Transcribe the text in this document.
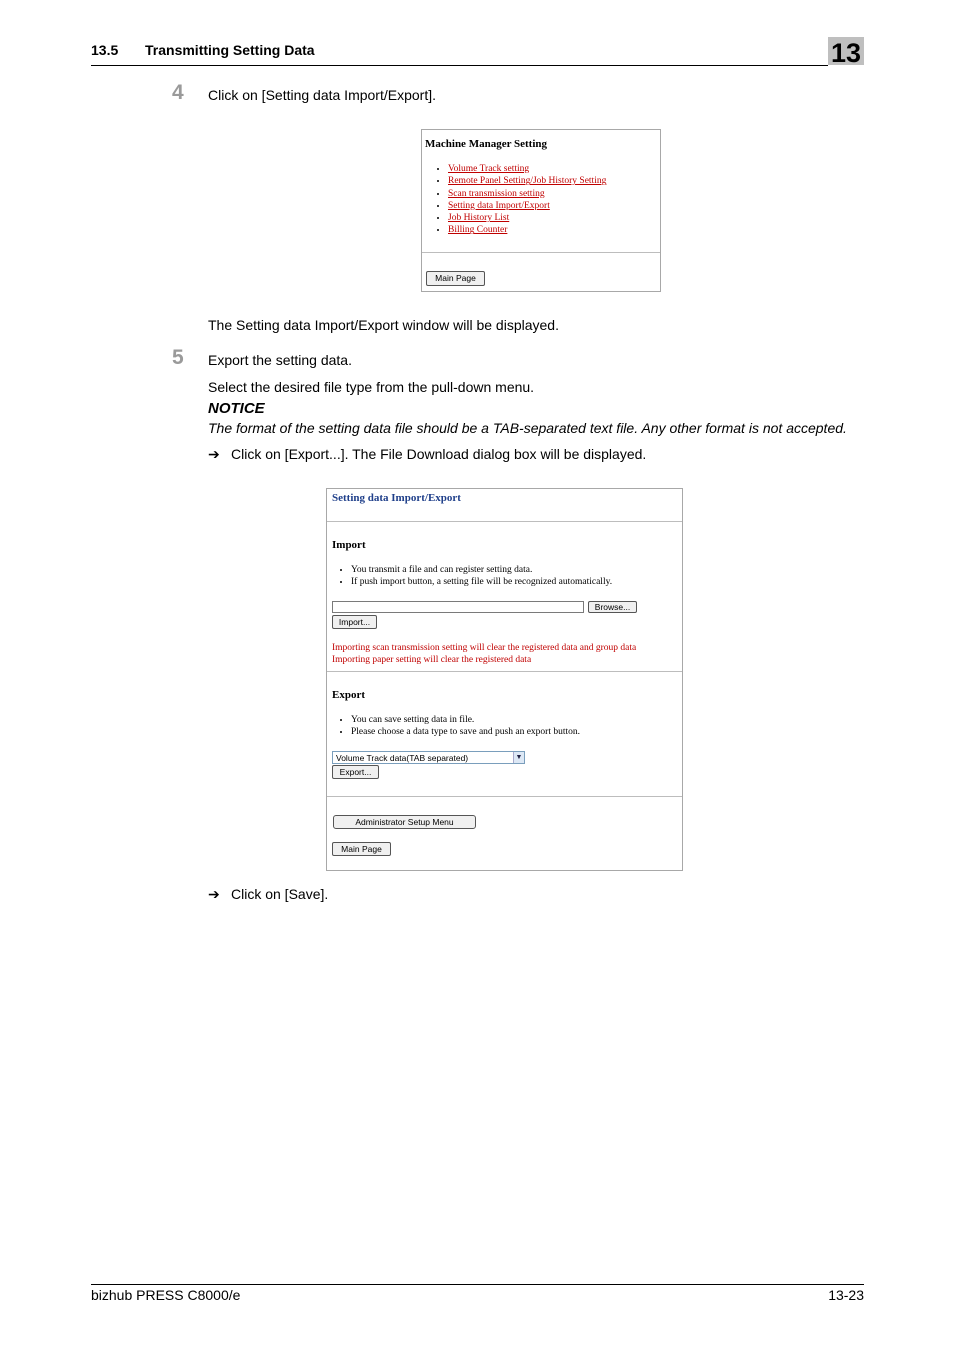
13.5 Transmitting Setting Data	13
4 Click on [Setting data Import/Export].
Machine Manager Setting
• Volume Track setting
• Remote Panel Setting/Job History Setting
• Scan transmission setting
• Setting data Import/Export
• Job History List
• Billing Counter
Main Page
The Setting data Import/Export window will be displayed.
5 Export the setting data.
Select the desired file type from the pull-down menu.
NOTICE
The format of the setting data file should be a TAB-separated text file. Any other format is not accepted.
➔ Click on [Export...]. The File Download dialog box will be displayed.
Setting data Import/Export
Import
• You transmit a file and can register setting data.
• If push import button, a setting file will be recognized automatically.
Browse...
Import...
Importing scan transmission setting will clear the registered data and group data
Importing paper setting will clear the registered data
Export
• You can save setting data in file.
• Please choose a data type to save and push an export button.
Volume Track data(TAB separated)	▼
Export...
Administrator Setup Menu
Main Page
➔ Click on [Save].
bizhub PRESS C8000/e	13-23
